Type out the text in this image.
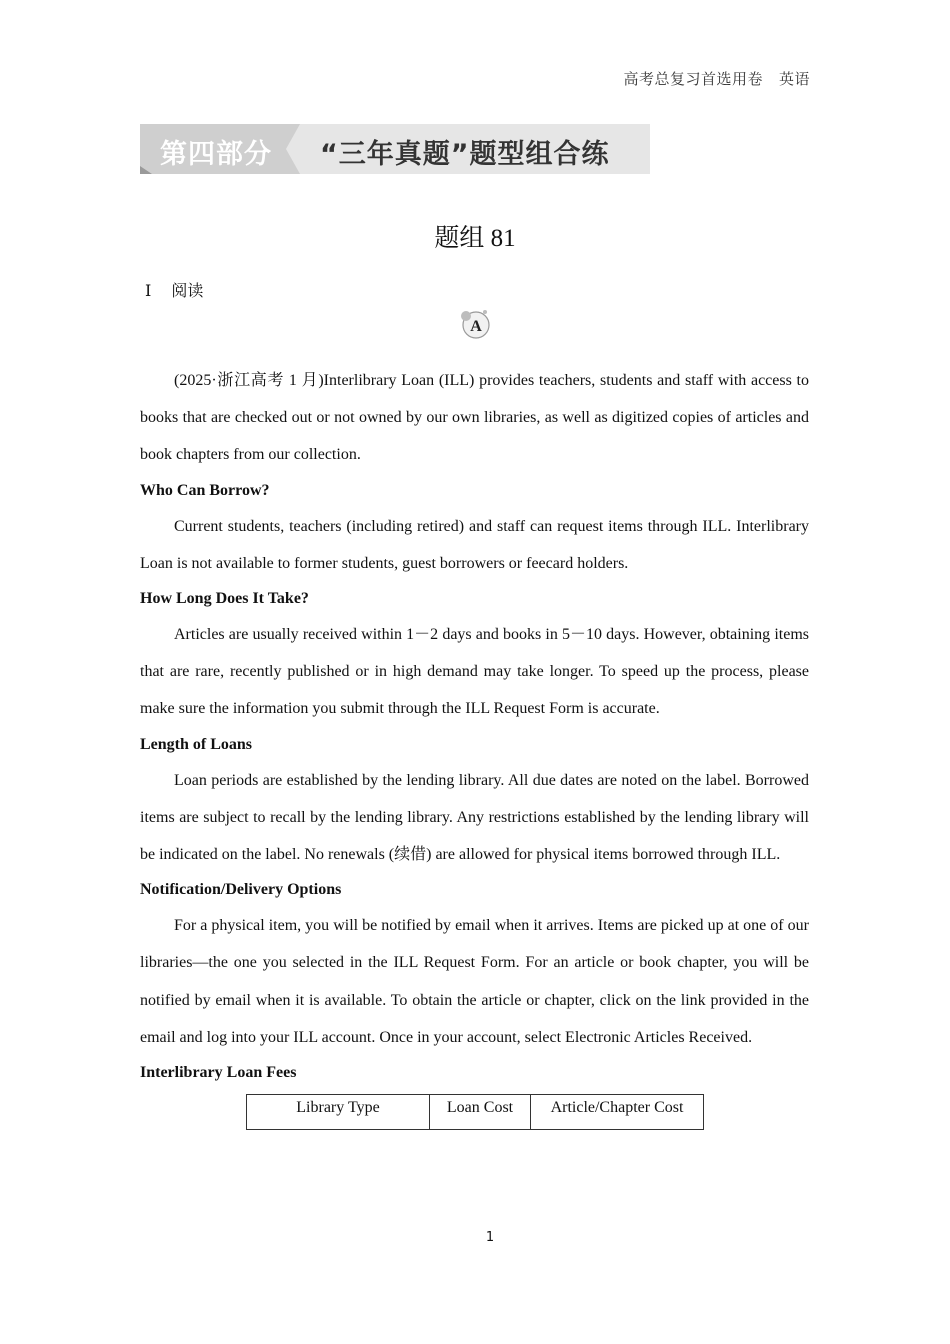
高考总复习首选用卷 英语
第四部分 “三年真题”题型组合练
题组 81
Ⅰ 阅读
A

(2025·浙江高考 1 月)Interlibrary Loan (ILL) provides teachers, students and staff with access to books that are checked out or not owned by our own libraries, as well as digitized copies of articles and book chapters from our collection.

Who Can Borrow?

Current students, teachers (including retired) and staff can request items through ILL. Interlibrary Loan is not available to former students, guest borrowers or feecard holders.

How Long Does It Take?

Articles are usually received within 1－2 days and books in 5－10 days. However, obtaining items that are rare, recently published or in high demand may take longer. To speed up the process, please make sure the information you submit through the ILL Request Form is accurate.

Length of Loans

Loan periods are established by the lending library. All due dates are noted on the label. Borrowed items are subject to recall by the lending library. Any restrictions established by the lending library will be indicated on the label. No renewals (续借) are allowed for physical items borrowed through ILL.

Notification/Delivery Options

For a physical item, you will be notified by email when it arrives. Items are picked up at one of our libraries—the one you selected in the ILL Request Form. For an article or book chapter, you will be notified by email when it is available. To obtain the article or chapter, click on the link provided in the email and log into your ILL account. Once in your account, select Electronic Articles Received.

Interlibrary Loan Fees
Library Type	Loan Cost	Article/Chapter Cost
1
